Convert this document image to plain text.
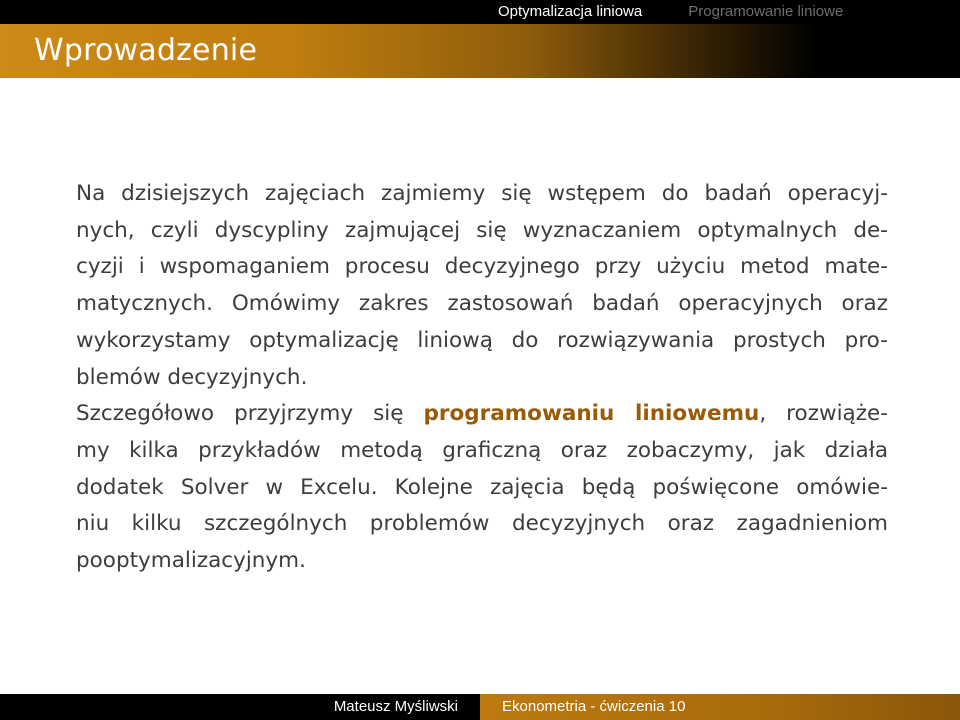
Optymalizacja liniowa	Programowanie liniowe
Wprowadzenie
Na dzisiejszych zajęciach zajmiemy się wstępem do badań operacyj-
nych, czyli dyscypliny zajmującej się wyznaczaniem optymalnych de-
cyzji i wspomaganiem procesu decyzyjnego przy użyciu metod mate-
matycznych. Omówimy zakres zastosowań badań operacyjnych oraz
wykorzystamy optymalizację liniową do rozwiązywania prostych pro-
blemów decyzyjnych.
Szczegółowo przyjrzymy się programowaniu liniowemu, rozwiąże-
my kilka przykładów metodą graficzną oraz zobaczymy, jak działa
dodatek Solver w Excelu. Kolejne zajęcia będą poświęcone omówie-
niu kilku szczególnych problemów decyzyjnych oraz zagadnieniom
pooptymalizacyjnym.
Mateusz Myśliwski	Ekonometria - ćwiczenia 10
